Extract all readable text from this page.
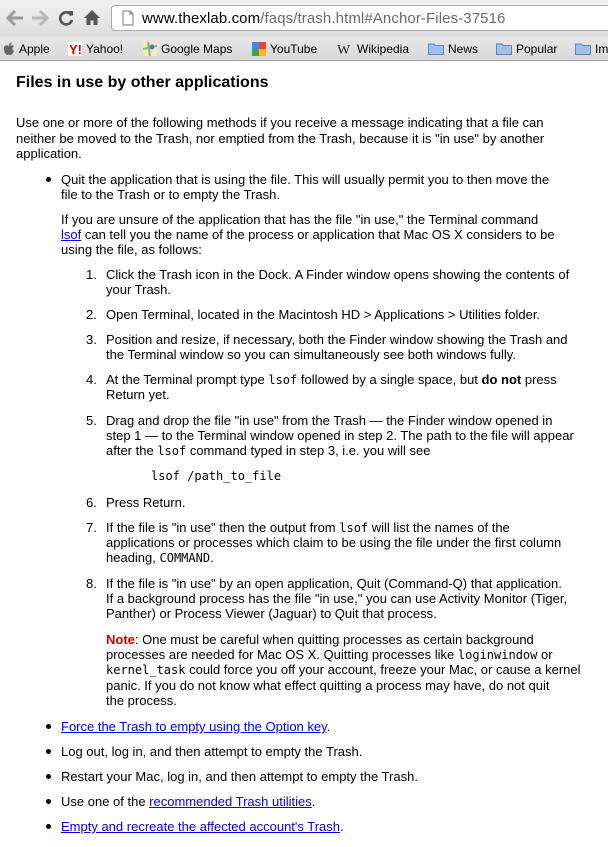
www.thexlab.com/faqs/trash.html#Anchor-Files-37516
Apple Y! Yahoo!	Google Maps	YouTube W Wikipedia	News	Popular	Im
Files in use by other applications
Use one or more of the following methods if you receive a message indicating that a file can
neither be moved to the Trash, nor emptied from the Trash, because it is "in use" by another
application.
Quit the application that is using the file. This will usually permit you to then move the
file to the Trash or to empty the Trash.
If you are unsure of the application that has the file "in use," the Terminal command
lsof can tell you the name of the process or application that Mac OS X considers to be
using the file, as follows:
1. Click the Trash icon in the Dock. A Finder window opens showing the contents of
your Trash.
2. Open Terminal, located in the Macintosh HD > Applications > Utilities folder.
3. Position and resize, if necessary, both the Finder window showing the Trash and
the Terminal window so you can simultaneously see both windows fully.
4. At the Terminal prompt type lsof followed by a single space, but do not press
Return yet.
5. Drag and drop the file "in use" from the Trash — the Finder window opened in
step 1 — to the Terminal window opened in step 2. The path to the file will appear
after the lsof command typed in step 3, i.e. you will see
lsof /path_to_file
6. Press Return.
7. If the file is "in use" then the output from lsof will list the names of the
applications or processes which claim to be using the file under the first column
heading, COMMAND.
8. If the file is "in use" by an open application, Quit (Command-Q) that application.
If a background process has the file "in use," you can use Activity Monitor (Tiger,
Panther) or Process Viewer (Jaguar) to Quit that process.
Note: One must be careful when quitting processes as certain background
processes are needed for Mac OS X. Quitting processes like loginwindow or
kernel_task could force you off your account, freeze your Mac, or cause a kernel
panic. If you do not know what effect quitting a process may have, do not quit
the process.
Force the Trash to empty using the Option key.
Log out, log in, and then attempt to empty the Trash.
Restart your Mac, log in, and then attempt to empty the Trash.
Use one of the recommended Trash utilities.
Empty and recreate the affected account's Trash.
